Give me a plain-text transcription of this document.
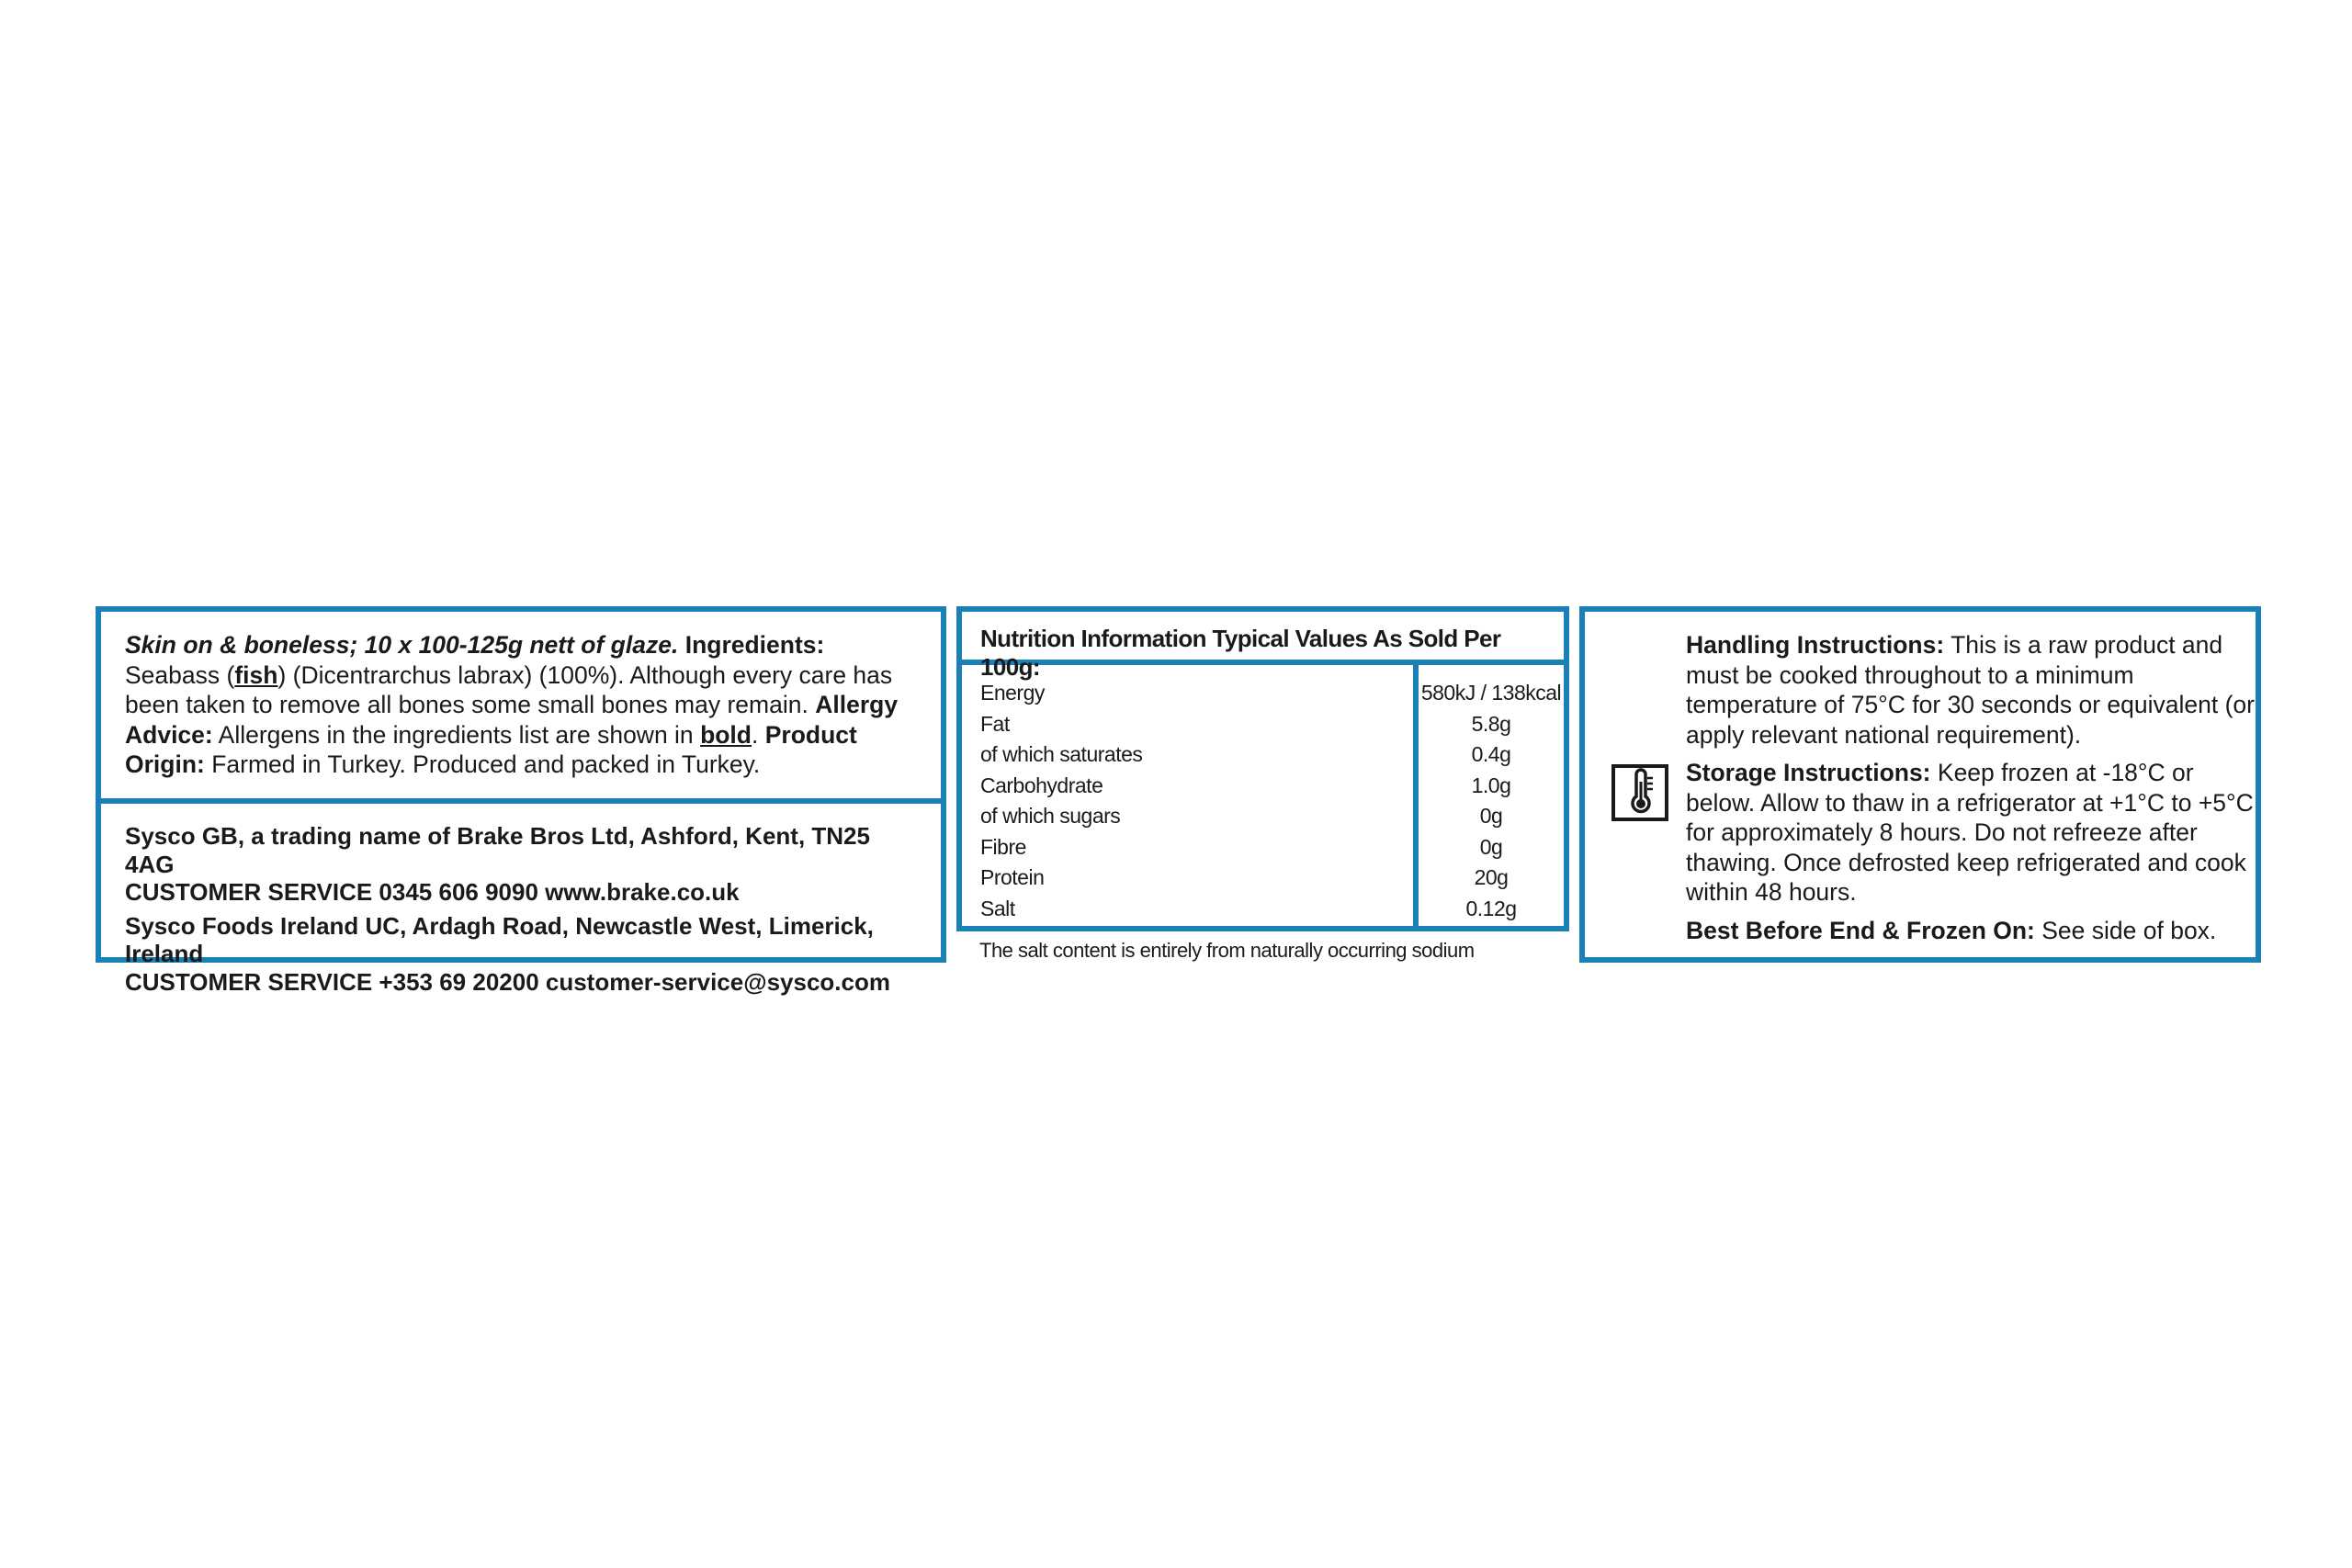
Skin on & boneless; 10 x 100-125g nett of glaze. Ingredients: Seabass (fish) (Dicentrarchus labrax) (100%). Although every care has been taken to remove all bones some small bones may remain. Allergy Advice: Allergens in the ingredients list are shown in bold. Product Origin: Farmed in Turkey. Produced and packed in Turkey.
Sysco GB, a trading name of Brake Bros Ltd, Ashford, Kent, TN25 4AG
CUSTOMER SERVICE 0345 606 9090 www.brake.co.uk
Sysco Foods Ireland UC, Ardagh Road, Newcastle West, Limerick, Ireland
CUSTOMER SERVICE +353 69 20200 customer-service@sysco.com
Nutrition Information Typical Values As Sold Per 100g:
Energy
Fat
of which saturates
Carbohydrate
of which sugars
Fibre
Protein
Salt
580kJ / 138kcal
5.8g
0.4g
1.0g
0g
0g
20g
0.12g
The salt content is entirely from naturally occurring sodium

Handling Instructions: This is a raw product and must be cooked throughout to a minimum temperature of 75°C for 30 seconds or equivalent (or apply relevant national requirement).

Storage Instructions: Keep frozen at -18°C or below. Allow to thaw in a refrigerator at +1°C to +5°C for approximately 8 hours. Do not refreeze after thawing. Once defrosted keep refrigerated and cook within 48 hours.

Best Before End & Frozen On: See side of box.
